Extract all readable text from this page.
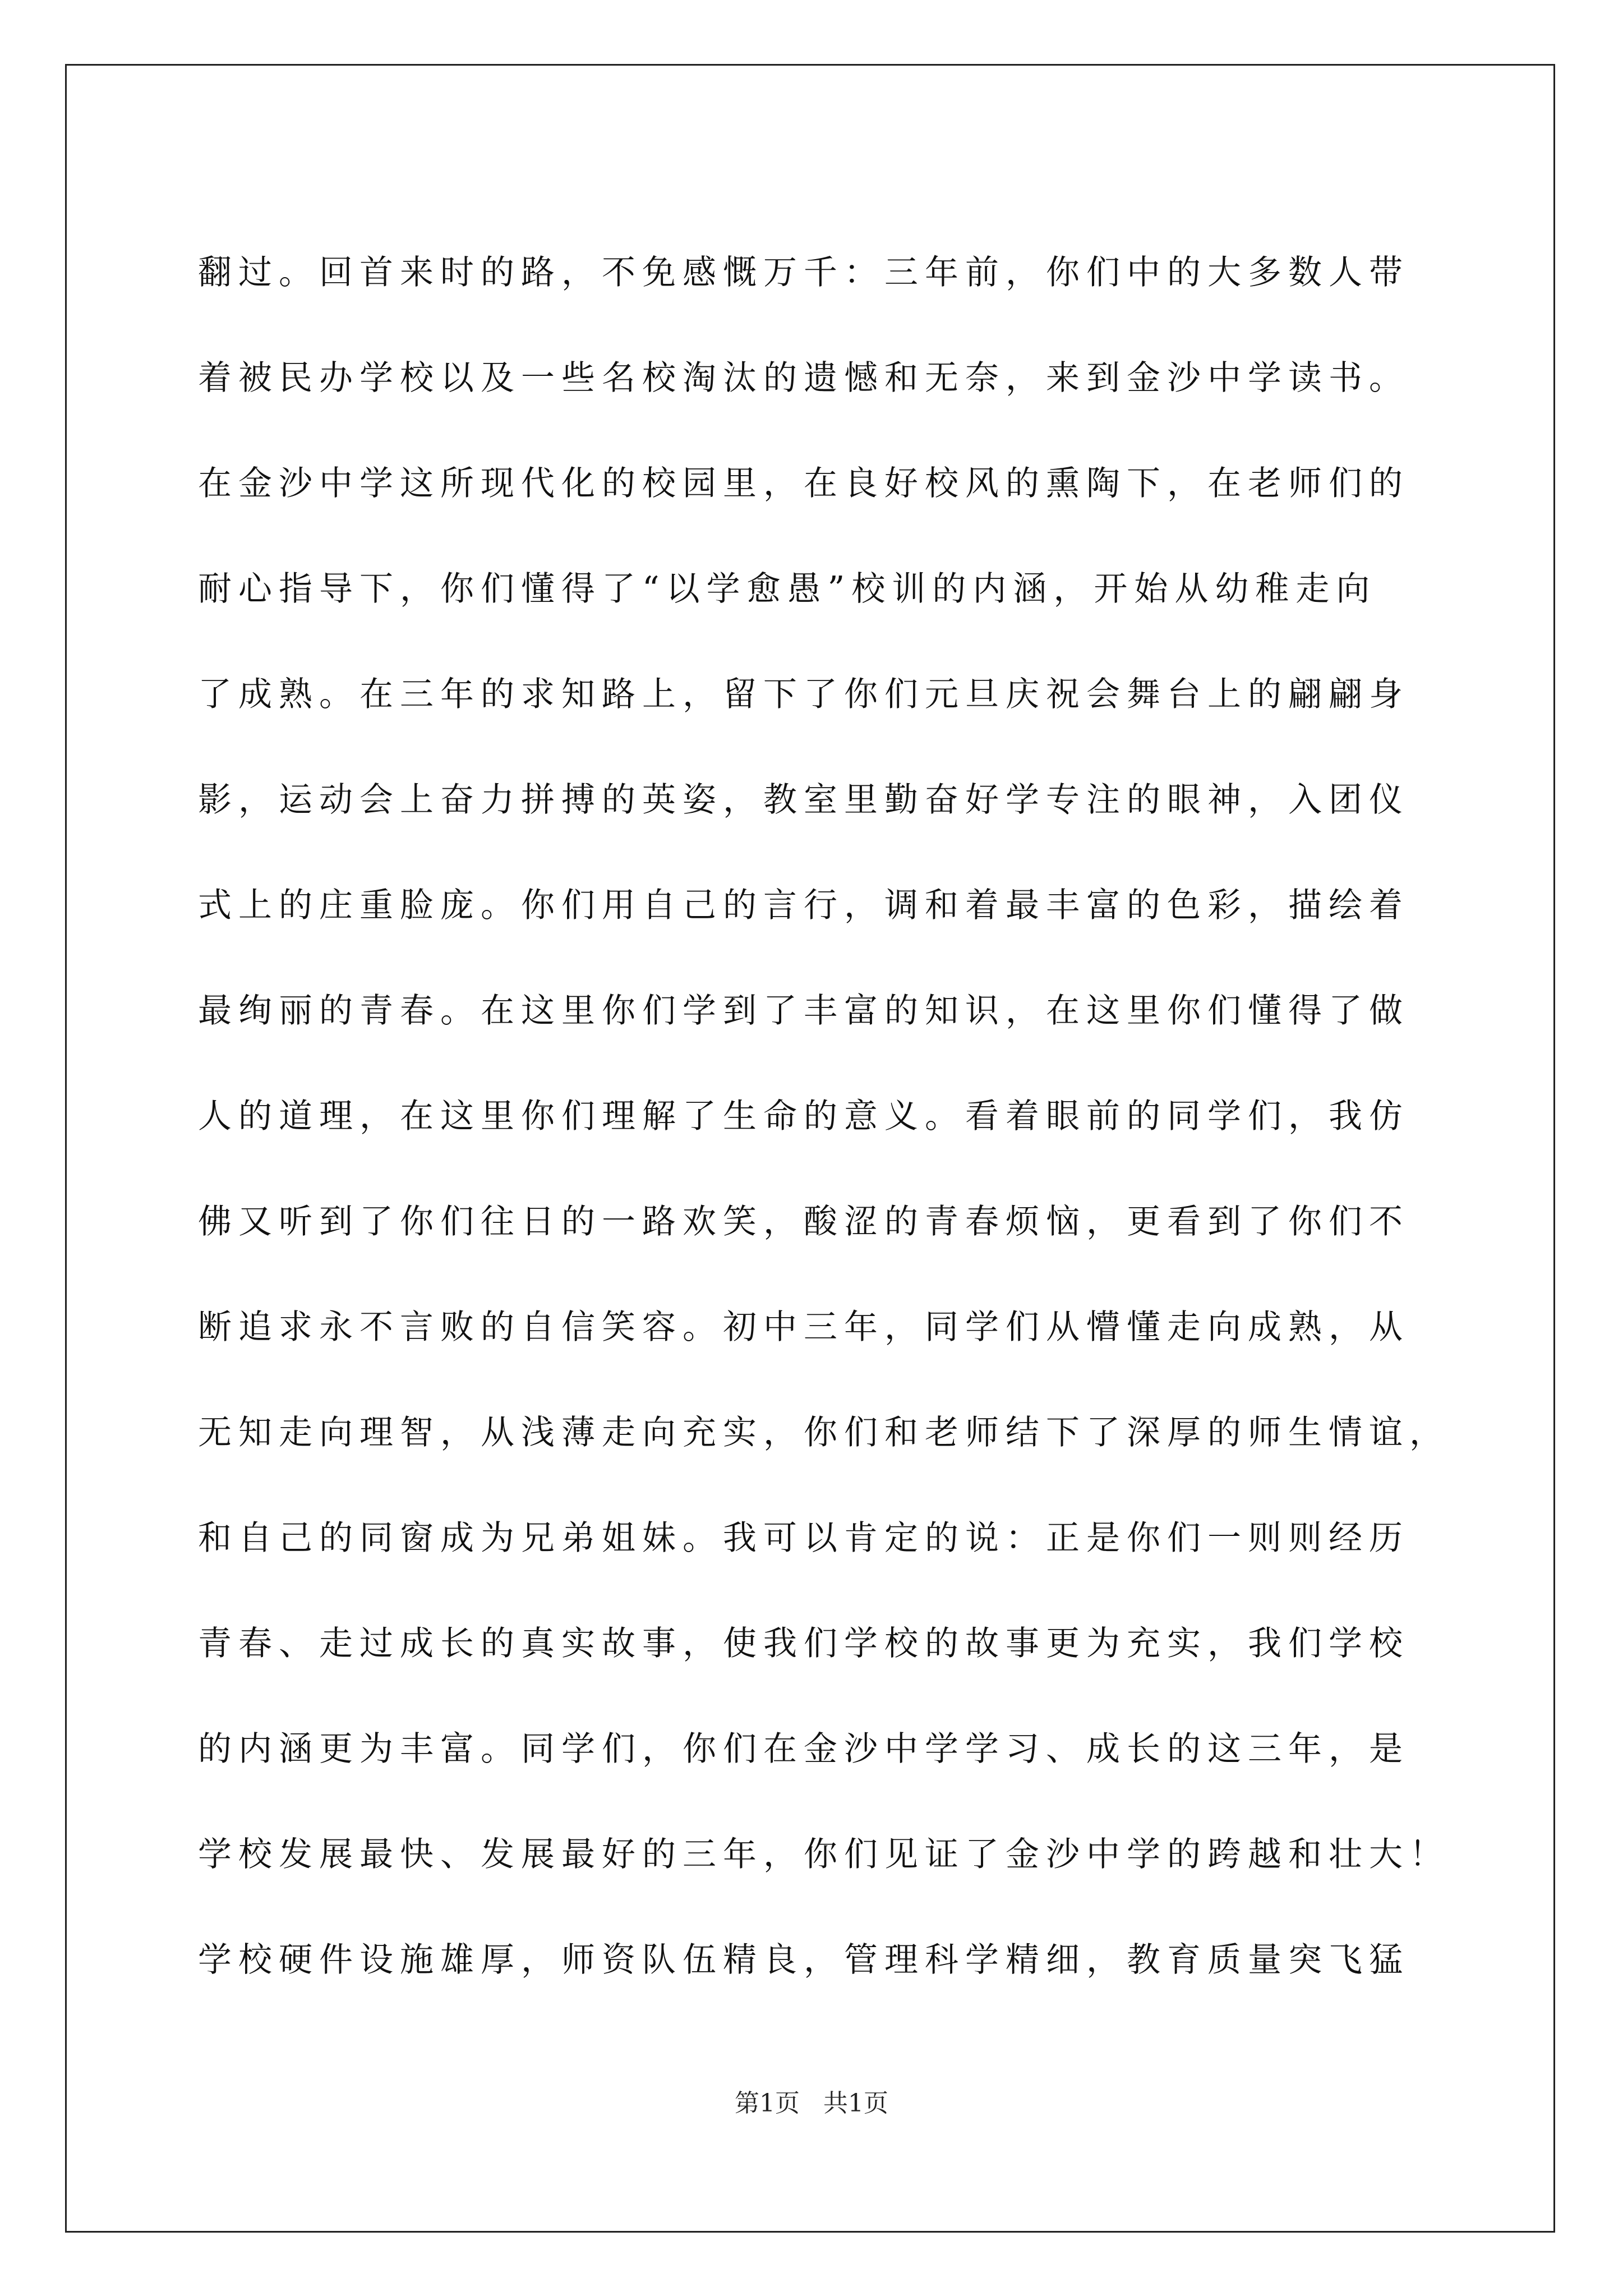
翻过。回首来时的路，不免感慨万千：三年前，你们中的大多数人带
着被民办学校以及一些名校淘汰的遗憾和无奈，来到金沙中学读书。
在金沙中学这所现代化的校园里，在良好校风的熏陶下，在老师们的
耐心指导下，你们懂得了“以学愈愚”校训的内涵，开始从幼稚走向
了成熟。在三年的求知路上，留下了你们元旦庆祝会舞台上的翩翩身
影，运动会上奋力拼搏的英姿，教室里勤奋好学专注的眼神，入团仪
式上的庄重脸庞。你们用自己的言行，调和着最丰富的色彩，描绘着
最绚丽的青春。在这里你们学到了丰富的知识，在这里你们懂得了做
人的道理，在这里你们理解了生命的意义。看着眼前的同学们，我仿
佛又听到了你们往日的一路欢笑，酸涩的青春烦恼，更看到了你们不
断追求永不言败的自信笑容。初中三年，同学们从懵懂走向成熟，从
无知走向理智，从浅薄走向充实，你们和老师结下了深厚的师生情谊，
和自己的同窗成为兄弟姐妹。我可以肯定的说：正是你们一则则经历
青春、走过成长的真实故事，使我们学校的故事更为充实，我们学校
的内涵更为丰富。同学们，你们在金沙中学学习、成长的这三年，是
学校发展最快、发展最好的三年，你们见证了金沙中学的跨越和壮大！
学校硬件设施雄厚，师资队伍精良，管理科学精细，教育质量突飞猛
第1页 共1页
